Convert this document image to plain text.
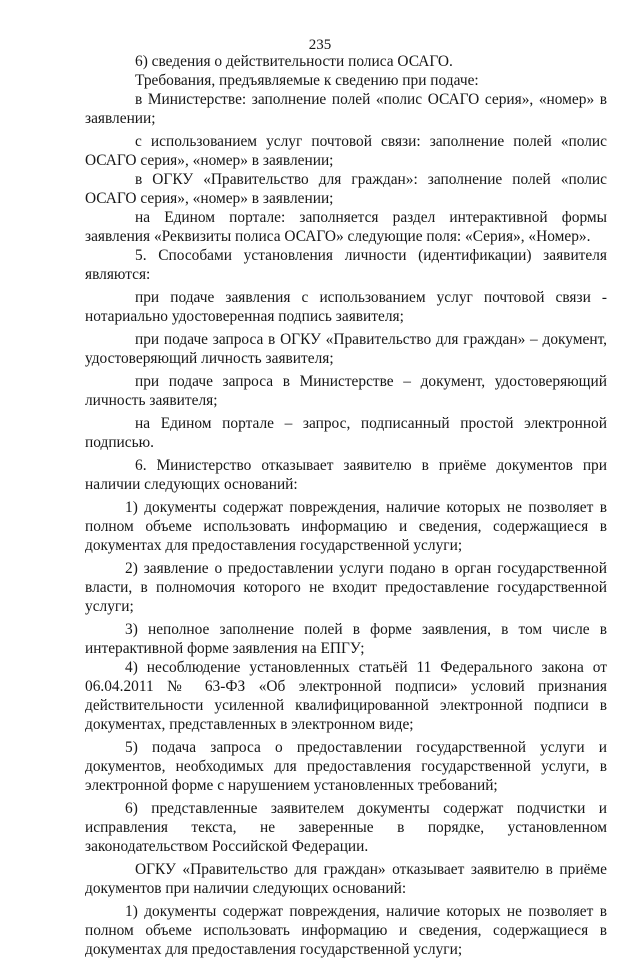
235

6) сведения о действительности полиса ОСАГО.

Требования, предъявляемые к сведению при подаче:

в Министерстве: заполнение полей «полис ОСАГО серия», «номер» в заявлении;

с использованием услуг почтовой связи: заполнение полей «полис ОСАГО серия», «номер» в заявлении;

в ОГКУ «Правительство для граждан»: заполнение полей «полис ОСАГО серия», «номер» в заявлении;

на Едином портале: заполняется раздел интерактивной формы заявления «Реквизиты полиса ОСАГО» следующие поля: «Серия», «Номер».

5. Способами установления личности (идентификации) заявителя являются:

при подаче заявления с использованием услуг почтовой связи - нотариально удостоверенная подпись заявителя;

при подаче запроса в ОГКУ «Правительство для граждан» – документ, удостоверяющий личность заявителя;

при подаче запроса в Министерстве – документ, удостоверяющий личность заявителя;

на Едином портале – запрос, подписанный простой электронной подписью.

6. Министерство отказывает заявителю в приёме документов при наличии следующих оснований:

1) документы содержат повреждения, наличие которых не позволяет в полном объеме использовать информацию и сведения, содержащиеся в документах для предоставления государственной услуги;

2) заявление о предоставлении услуги подано в орган государственной власти, в полномочия которого не входит предоставление государственной услуги;

3) неполное заполнение полей в форме заявления, в том числе в интерактивной форме заявления на ЕПГУ;

4) несоблюдение установленных статьёй 11 Федерального закона от 06.04.2011 № 63-ФЗ «Об электронной подписи» условий признания действительности усиленной квалифицированной электронной подписи в документах, представленных в электронном виде;

5) подача запроса о предоставлении государственной услуги и документов, необходимых для предоставления государственной услуги, в электронной форме с нарушением установленных требований;

6) представленные заявителем документы содержат подчистки и исправления текста, не заверенные в порядке, установленном законодательством Российской Федерации.

ОГКУ «Правительство для граждан» отказывает заявителю в приёме документов при наличии следующих оснований:

1) документы содержат повреждения, наличие которых не позволяет в полном объеме использовать информацию и сведения, содержащиеся в документах для предоставления государственной услуги;
